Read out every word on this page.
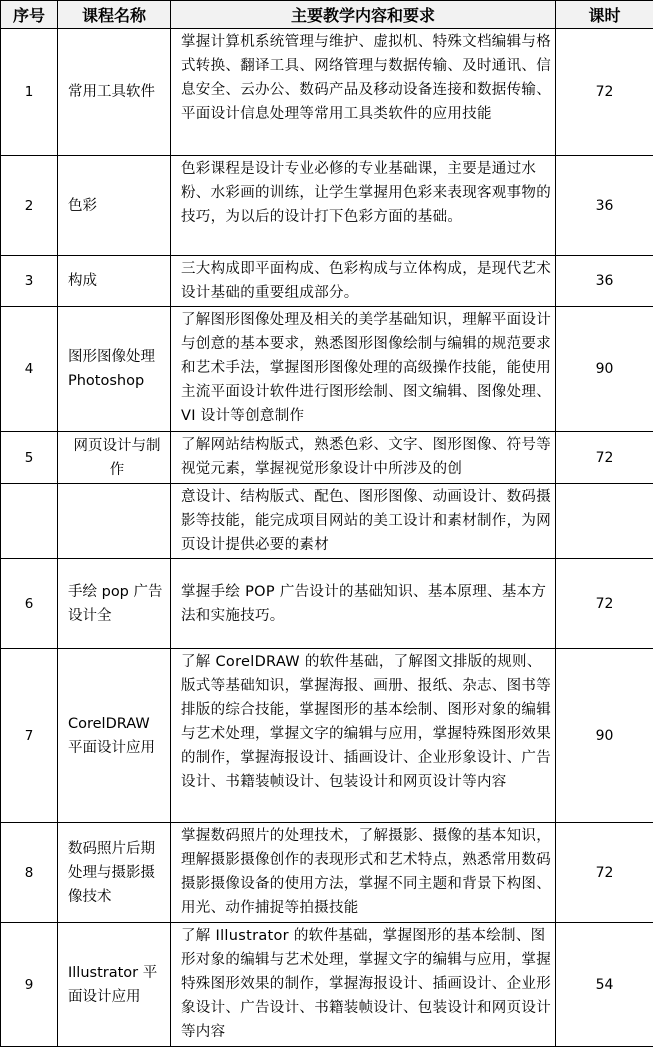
序号	课程名称	主要教学内容和要求	课时
1	常用工具软件	掌握计算机系统管理与维护、虚拟机、特殊文档编辑与格式转换、翻译工具、网络管理与数据传输、及时通讯、信息安全、云办公、数码产品及移动设备连接和数据传输、平面设计信息处理等常用工具类软件的应用技能	72
2	色彩	色彩课程是设计专业必修的专业基础课，主要是通过水粉、水彩画的训练，让学生掌握用色彩来表现客观事物的技巧，为以后的设计打下色彩方面的基础。	36
3	构成	三大构成即平面构成、色彩构成与立体构成，是现代艺术设计基础的重要组成部分。	36
4	图形图像处理 Photoshop	了解图形图像处理及相关的美学基础知识，理解平面设计与创意的基本要求，熟悉图形图像绘制与编辑的规范要求和艺术手法，掌握图形图像处理的高级操作技能，能使用主流平面设计软件进行图形绘制、图文编辑、图像处理、VI 设计等创意制作	90
5	网页设计与制作	了解网站结构版式，熟悉色彩、文字、图形图像、符号等视觉元素，掌握视觉形象设计中所涉及的创	72
		意设计、结构版式、配色、图形图像、动画设计、数码摄影等技能，能完成项目网站的美工设计和素材制作，为网页设计提供必要的素材	
6	手绘 pop 广告设计全	掌握手绘 POP 广告设计的基础知识、基本原理、基本方法和实施技巧。	72
7	CorelDRAW 平面设计应用	了解 CorelDRAW 的软件基础，了解图文排版的规则、版式等基础知识，掌握海报、画册、报纸、杂志、图书等排版的综合技能，掌握图形的基本绘制、图形对象的编辑与艺术处理，掌握文字的编辑与应用，掌握特殊图形效果的制作，掌握海报设计、插画设计、企业形象设计、广告设计、书籍装帧设计、包装设计和网页设计等内容	90
8	数码照片后期处理与摄影摄像技术	掌握数码照片的处理技术，了解摄影、摄像的基本知识，理解摄影摄像创作的表现形式和艺术特点，熟悉常用数码摄影摄像设备的使用方法，掌握不同主题和背景下构图、用光、动作捕捉等拍摄技能	72
9	Illustrator 平面设计应用	了解 Illustrator 的软件基础，掌握图形的基本绘制、图形对象的编辑与艺术处理，掌握文字的编辑与应用，掌握特殊图形效果的制作，掌握海报设计、插画设计、企业形象设计、广告设计、书籍装帧设计、包装设计和网页设计等内容	54
